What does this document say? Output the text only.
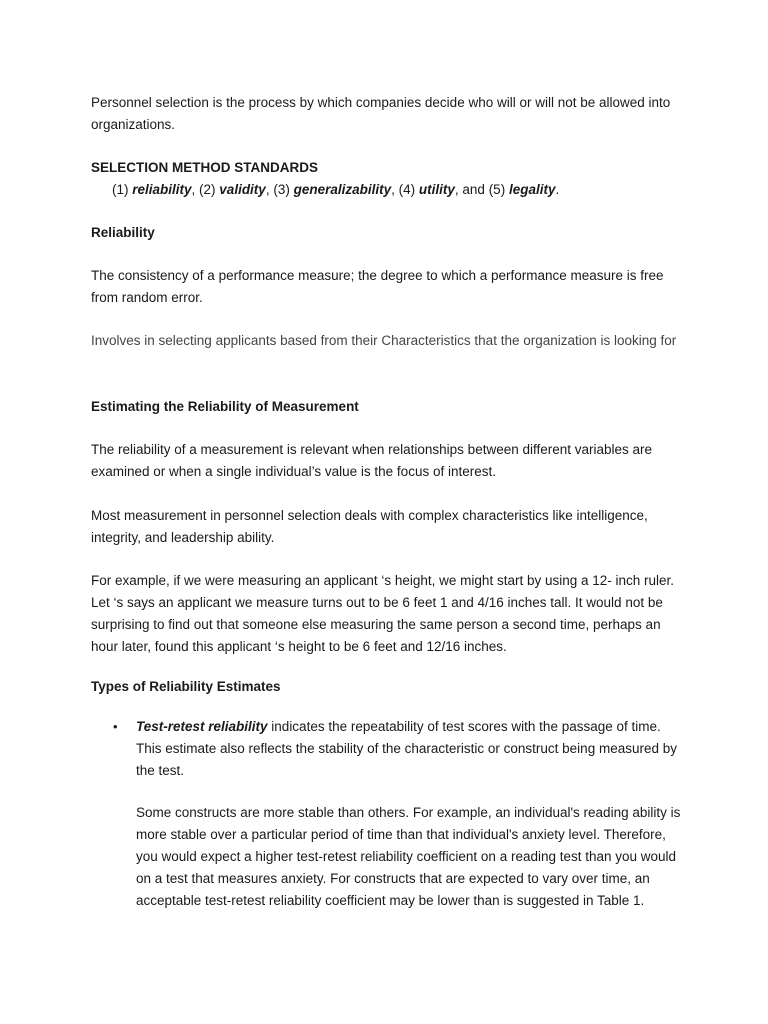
Personnel selection is the process by which companies decide who will or will not be allowed into organizations.

SELECTION METHOD STANDARDS

(1) reliability, (2) validity, (3) generalizability, (4) utility, and (5) legality.

Reliability

The consistency of a performance measure; the degree to which a performance measure is free from random error.

Involves in selecting applicants based from their Characteristics that the organization is looking for

Estimating the Reliability of Measurement

The reliability of a measurement is relevant when relationships between different variables are examined or when a single individual’s value is the focus of interest.

Most measurement in personnel selection deals with complex characteristics like intelligence, integrity, and leadership ability.

For example, if we were measuring an applicant ‘s height, we might start by using a 12- inch ruler. Let ‘s says an applicant we measure turns out to be 6 feet 1 and 4/16 inches tall. It would not be surprising to find out that someone else measuring the same person a second time, perhaps an hour later, found this applicant ‘s height to be 6 feet and 12/16 inches.

Types of Reliability Estimates

• Test-retest reliability indicates the repeatability of test scores with the passage of time. This estimate also reflects the stability of the characteristic or construct being measured by the test.

Some constructs are more stable than others. For example, an individual's reading ability is more stable over a particular period of time than that individual's anxiety level. Therefore, you would expect a higher test-retest reliability coefficient on a reading test than you would on a test that measures anxiety. For constructs that are expected to vary over time, an acceptable test-retest reliability coefficient may be lower than is suggested in Table 1.
